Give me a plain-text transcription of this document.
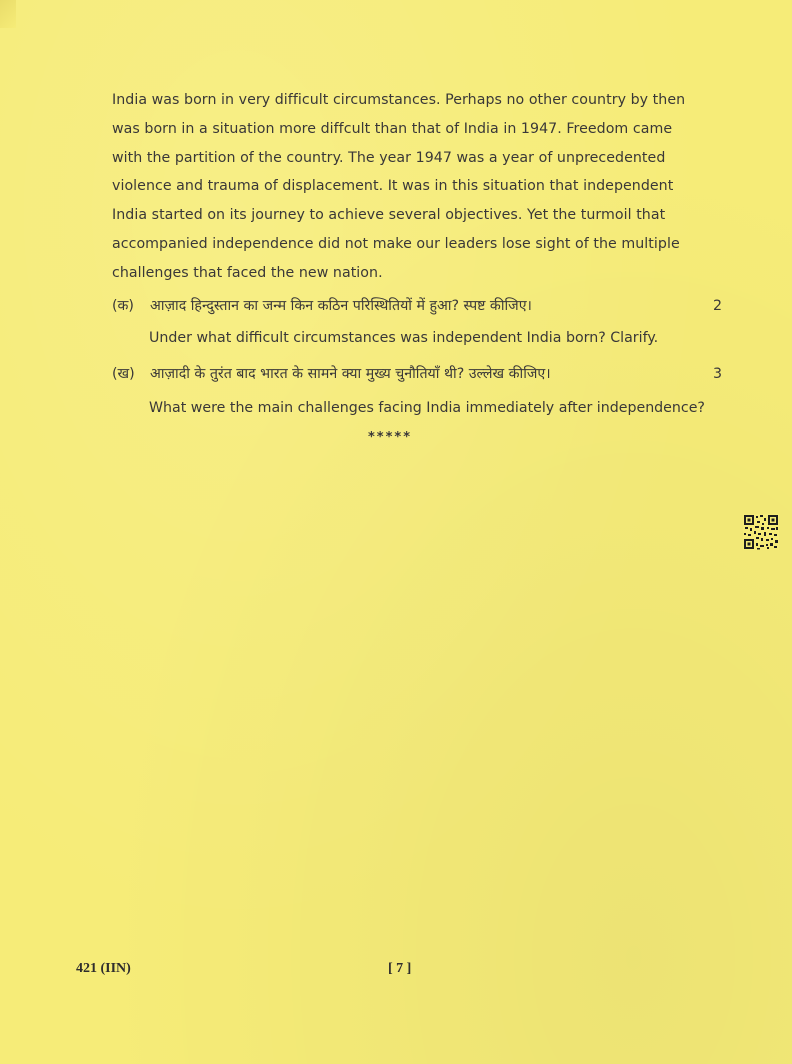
India was born in very difficult circumstances. Perhaps no other country by then

was born in a situation more diffcult than that of India in 1947. Freedom came

with the partition of the country. The year 1947 was a year of unprecedented

violence and trauma of displacement. It was in this situation that independent

India started on its journey to achieve several objectives. Yet the turmoil that

accompanied independence did not make our leaders lose sight of the multiple

challenges that faced the new nation.

(क) आज़ाद हिन्दुस्तान का जन्म किन कठिन परिस्थितियों में हुआ? स्पष्ट कीजिए।	2
Under what difficult circumstances was independent India born? Clarify.
(ख) आज़ादी के तुरंत बाद भारत के सामने क्या मुख्य चुनौतियाँ थी? उल्लेख कीजिए।	3
What were the main challenges facing India immediately after independence?
*****
421 (IIN)	[ 7 ]
